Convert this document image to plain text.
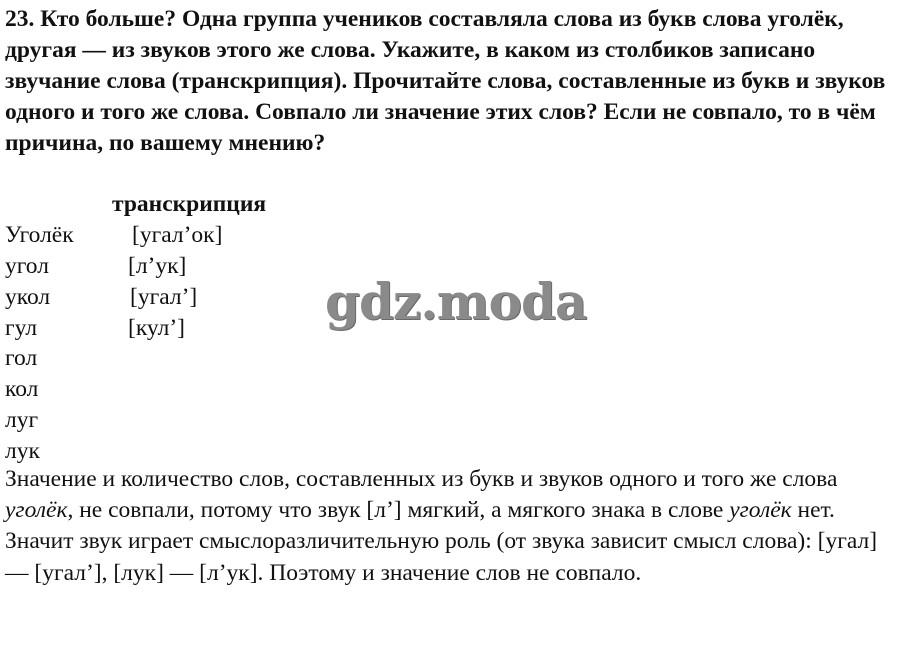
23. Кто больше? Одна группа учеников составляла слова из букв слова уголёк, другая — из звуков этого же слова. Укажите, в каком из столбиков записано звучание слова (транскрипция). Прочитайте слова, составленные из букв и звуков одного и того же слова. Совпало ли значение этих слов? Если не совпало, то в чём причина, по вашему мнению?

транскрипция
Уголёк
угол
укол
гул
гол
кол
луг
лук
[угал’ок]
[л’ук]
[угал’]
[кул’]

Значение и количество слов, составленных из букв и звуков одного и того же слова уголёк, не совпали, потому что звук [л’] мягкий, а мягкого знака в слове уголёк нет. Значит звук играет смыслоразличительную роль (от звука зависит смысл слова): [угал] — [угал’], [лук] — [л’ук]. Поэтому и значение слов не совпало.

gdz.moda
